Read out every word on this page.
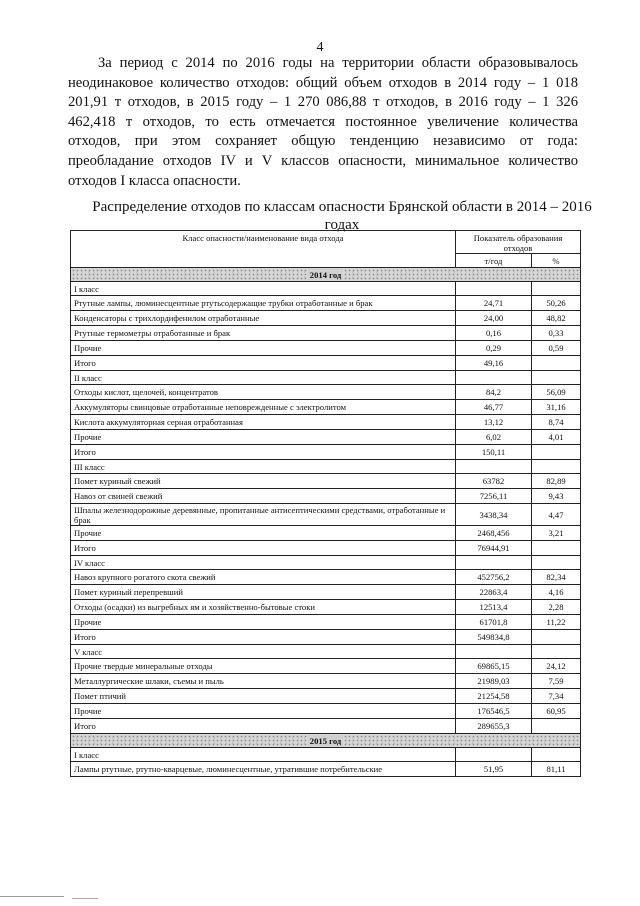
4

За период с 2014 по 2016 годы на территории области образовывалось неодинаковое количество отходов: общий объем отходов в 2014 году – 1 018 201,91 т отходов, в 2015 году – 1 270 086,88 т отходов, в 2016 году – 1 326 462,418 т отходов, то есть отмечается постоянное увеличение количества отходов, при этом сохраняет общую тенденцию независимо от года: преобладание отходов IV и V классов опасности, минимальное количество отходов I класса опасности.

Распределение отходов по классам опасности Брянской области в 2014 – 2016 годах

Класс опасности/наименование вида отхода	Показатель образования отходов	
	т/год	%
2014 год		
I класс		
Ртутные лампы, люминесцентные ртутьсодержащие трубки отработанные и брак	24,71	50,26
Конденсаторы с трихлордифенилом отработанные	24,00	48,82
Ртутные термометры отработанные и брак	0,16	0,33
Прочие	0,29	0,59
Итого	49,16	
II класс		
Отходы кислот, щелочей, концентратов	84,2	56,09
Аккумуляторы свинцовые отработанные неповрежденные с электролитом	46,77	31,16
Кислота аккумуляторная серная отработанная	13,12	8,74
Прочие	6,02	4,01
Итого	150,11	
III класс		
Помет куриный свежий	63782	82,89
Навоз от свиней свежий	7256,11	9,43
Шпалы железнодорожные деревянные, пропитанные антисептическими средствами, отработанные и брак	3438,34	4,47
Прочие	2468,456	3,21
Итого	76944,91	
IV класс		
Навоз крупного рогатого скота свежий	452756,2	82,34
Помет куриный перепревший	22863,4	4,16
Отходы (осадки) из выгребных ям и хозяйственно-бытовые стоки	12513,4	2,28
Прочие	61701,8	11,22
Итого	549834,8	
V класс		
Прочие твердые минеральные отходы	69865,15	24,12
Металлургические шлаки, съемы и пыль	21989,03	7,59
Помет птичий	21254,58	7,34
Прочие	176546,5	60,95
Итого	289655,3	
2015 год		
I класс		
Лампы ртутные, ртутно-кварцевые, люминесцентные, утратившие потребительские	51,95	81,11
